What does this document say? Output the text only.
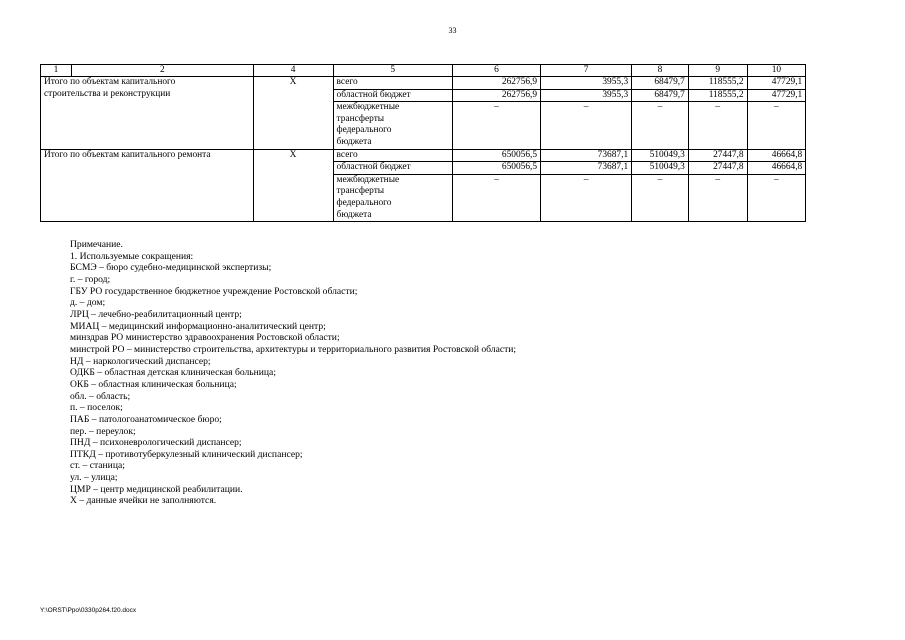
33
1 2		4	5	6	7	8	9	10

Итого по объектам капитального
строительства и реконструкции		X	всего	262756,9	3955,3	68479,7	118555,2	47729,1
		областной бюджет	262756,9	3955,3	68479,7	118555,2	47729,1

		межбюджетные
трансферты
федерального
бюджета	–	–	–	–	–

Итого по объектам капитального ремонта		X	всего	650056,5	73687,1	510049,3	27447,8	46664,8
		областной бюджет	650056,5	73687,1	510049,3	27447,8	46664,8

		межбюджетные
трансферты
федерального
бюджета	–	–	–	–	–
Примечание.
1. Используемые сокращения:
БСМЭ – бюро судебно-медицинской экспертизы;
г. – город;
ГБУ РО государственное бюджетное учреждение Ростовской области;
д. – дом;
ЛРЦ – лечебно-реабилитационный центр;
МИАЦ – медицинский информационно-аналитический центр;
минздрав РО министерство здравоохранения Ростовской области;
минстрой РО – министерство строительства, архитектуры и территориального развития Ростовской области;
НД – наркологический диспансер;
ОДКБ – областная детская клиническая больница;
ОКБ – областная клиническая больница;
обл. – область;
п. – поселок;
ПАБ – патологоанатомическое бюро;
пер. – переулок;
ПНД – психоневрологический диспансер;
ПТКД – противотуберкулезный клинический диспансер;
ст. – станица;
ул. – улица;
ЦМР – центр медицинской реабилитации.
Х – данные ячейки не заполняются.
Y:\ORST\Ppo\0330p264.f20.docx
